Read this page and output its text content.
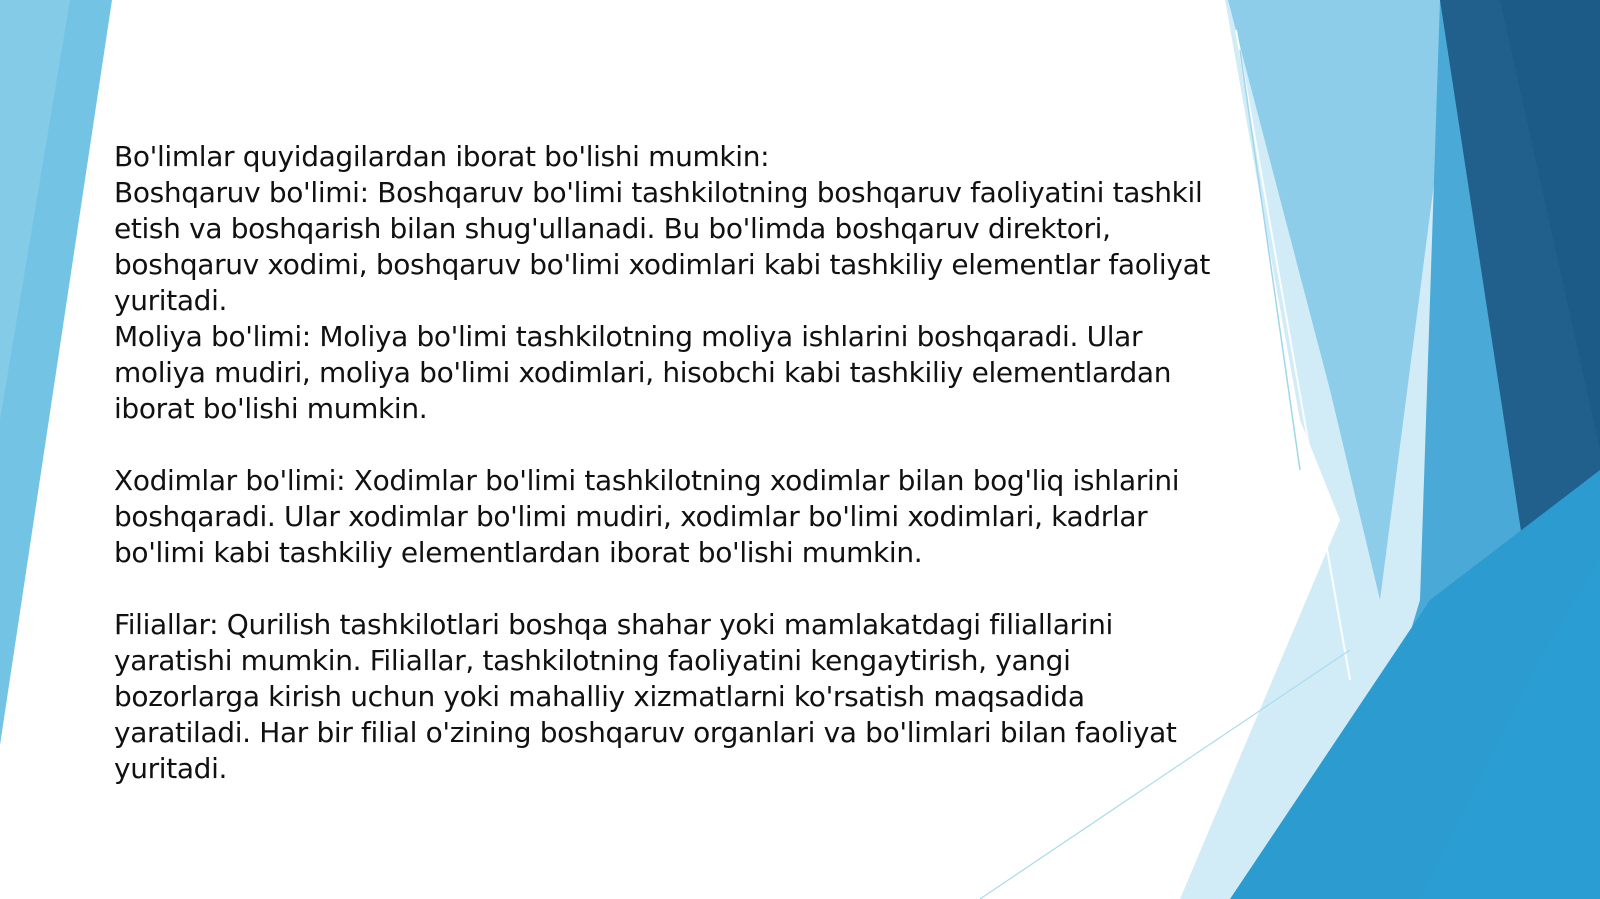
Bo'limlar quyidagilardan iborat bo'lishi mumkin:

Boshqaruv bo'limi: Boshqaruv bo'limi tashkilotning boshqaruv faoliyatini tashkil etish va boshqarish bilan shug'ullanadi. Bu bo'limda boshqaruv direktori, boshqaruv xodimi, boshqaruv bo'limi xodimlari kabi tashkiliy elementlar faoliyat yuritadi.

Moliya bo'limi: Moliya bo'limi tashkilotning moliya ishlarini boshqaradi. Ular moliya mudiri, moliya bo'limi xodimlari, hisobchi kabi tashkiliy elementlardan iborat bo'lishi mumkin.

Xodimlar bo'limi: Xodimlar bo'limi tashkilotning xodimlar bilan bog'liq ishlarini boshqaradi. Ular xodimlar bo'limi mudiri, xodimlar bo'limi xodimlari, kadrlar bo'limi kabi tashkiliy elementlardan iborat bo'lishi mumkin.

Filiallar: Qurilish tashkilotlari boshqa shahar yoki mamlakatdagi filiallarini yaratishi mumkin. Filiallar, tashkilotning faoliyatini kengaytirish, yangi bozorlarga kirish uchun yoki mahalliy xizmatlarni ko'rsatish maqsadida yaratiladi. Har bir filial o'zining boshqaruv organlari va bo'limlari bilan faoliyat yuritadi.
